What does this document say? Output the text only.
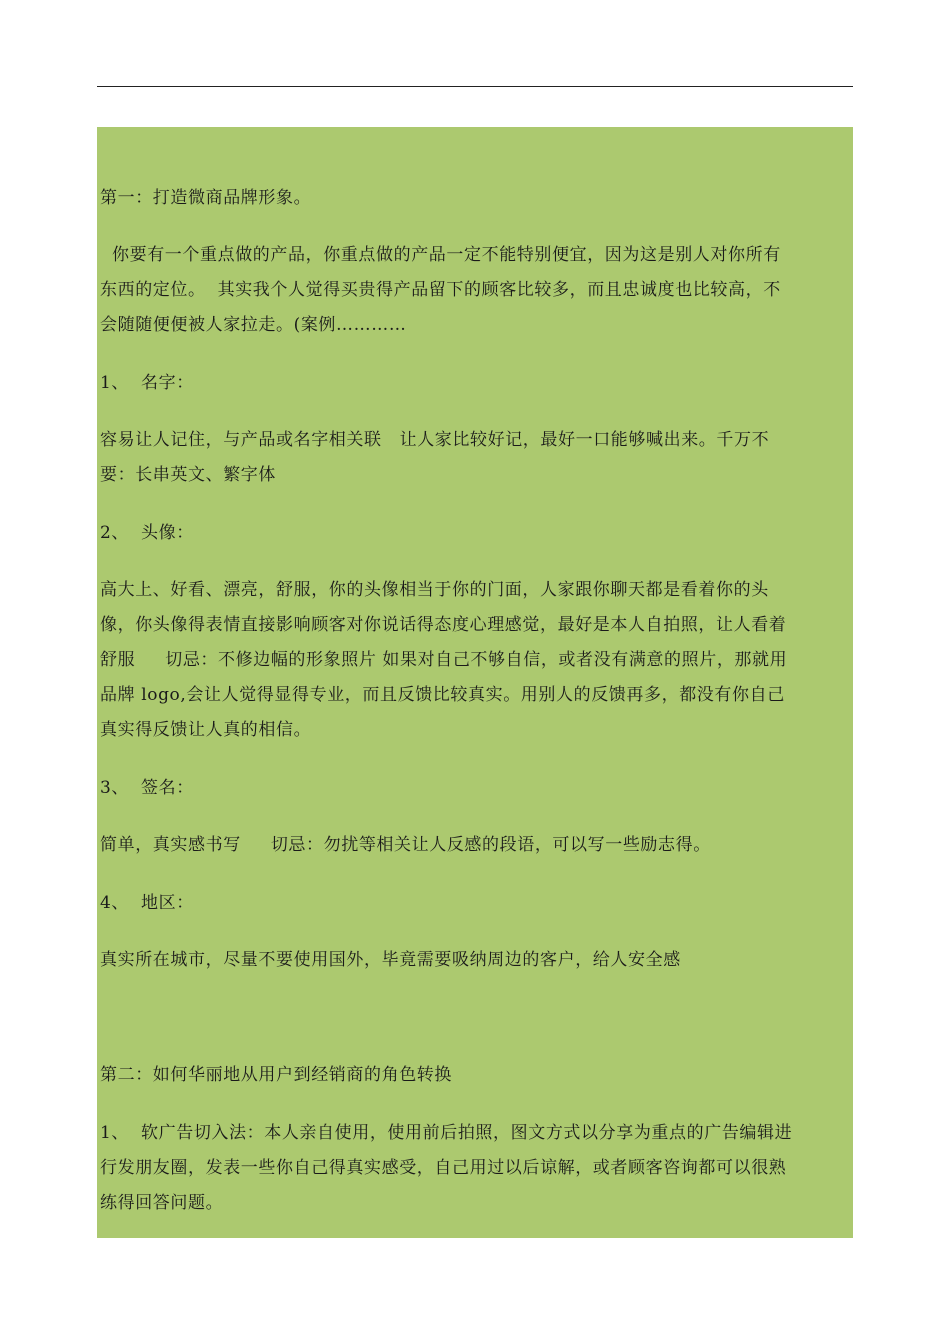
第一：打造微商品牌形象。
你要有一个重点做的产品，你重点做的产品一定不能特别便宜，因为这是别人对你所有
东西的定位。  其实我个人觉得买贵得产品留下的顾客比较多，而且忠诚度也比较高，不
会随随便便被人家拉走。(案例…………
1、  名字：
容易让人记住，与产品或名字相关联   让人家比较好记，最好一口能够喊出来。千万不
要：长串英文、繁字体
2、  头像：
高大上、好看、漂亮，舒服，你的头像相当于你的门面，人家跟你聊天都是看着你的头
像，你头像得表情直接影响顾客对你说话得态度心理感觉，最好是本人自拍照，让人看着
舒服     切忌：不修边幅的形象照片 如果对自己不够自信，或者没有满意的照片，那就用
品牌 logo,会让人觉得显得专业，而且反馈比较真实。用别人的反馈再多，都没有你自己
真实得反馈让人真的相信。
3、  签名：
简单，真实感书写     切忌：勿扰等相关让人反感的段语，可以写一些励志得。
4、  地区：
真实所在城市，尽量不要使用国外，毕竟需要吸纳周边的客户，给人安全感
第二：如何华丽地从用户到经销商的角色转换
1、  软广告切入法：本人亲自使用，使用前后拍照，图文方式以分享为重点的广告编辑进
行发朋友圈，发表一些你自己得真实感受，自己用过以后谅解，或者顾客咨询都可以很熟
练得回答问题。
